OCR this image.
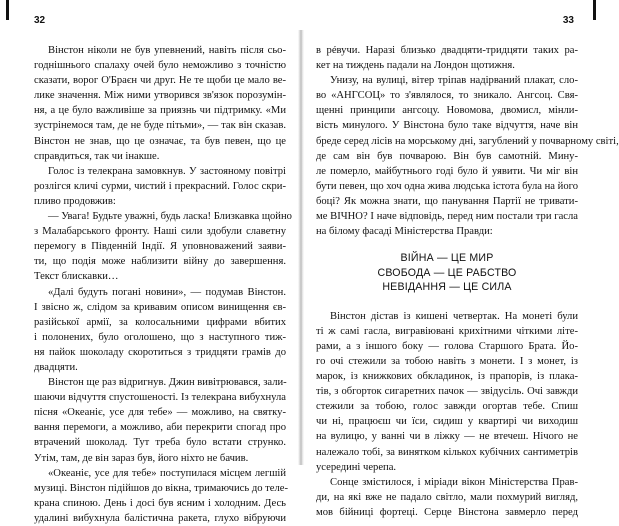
32
Вінстон ніколи не був упевнений, навіть після сьо-
годнішнього спалаху очей було неможливо з точністю
сказати, ворог О'Браєн чи друг. Не те щоби це мало ве-
лике значення. Між ними утворився зв'язок порозумін-
ня, а це було важливіше за приязнь чи підтримку. «Ми
зустрінемося там, де не буде пітьми», — так він сказав.
Вінстон не знав, що це означає, та був певен, що це
справдиться, так чи інакше.
Голос із телекрана замовкнув. У застояному повітрі
розлігся кличі сурми, чистий і прекрасний. Голос скри-
пливо продовжив:
— Увага! Будьте уважні, будь ласка! Близкавка щойно
з Малабарського фронту. Наші сили здобули славетну
перемогу в Південній Індії. Я уповноважений заяви-
ти, що подія може наблизити війну до завершення.
Текст блискавки…
«Далі будуть погані новини», — подумав Вінстон.
І звісно ж, слідом за кривавим описом винищення єв-
разійської армії, за колосальними цифрами вбитих
і полонених, було оголошено, що з наступного тиж-
ня пайок шоколаду скоротиться з тридцяти грамів до
двадцяти.
Вінстон ще раз відригнув. Джин вивітрювався, зали-
шаючи відчуття спустошеності. Із телекрана вибухнула
пісня «Океаніє, усе для тебе» — можливо, на святку-
вання перемоги, а можливо, аби перекрити спогад про
втрачений шоколад. Тут треба було встати струнко.
Утім, там, де він зараз був, його ніхто не бачив.
«Океаніє, усе для тебе» поступилася місцем легшій
музиці. Вінстон підійшов до вікна, тримаючись до теле-
крана спиною. День і досі був ясним і холодним. Десь
удалині вибухнула балістична ракета, глухо вібруючи
33
в рéвучи. Наразі близько двадцяти-тридцяти таких ра-
кет на тиждень падали на Лондон щотижня.
Унизу, на вулиці, вітер тріпав надірваний плакат, сло-
во «АНГСОЦ» то з'являлося, то зникало. Ангсоц. Свя-
щенні принципи ангсоцу. Новомова, двомисл, мінли-
вість минулого. У Вінстона було таке відчуття, наче він
бреде серед лісів на морському дні, загублений у почварному світі,
де сам він був почварою. Він був самотній. Мину-
ле померло, майбутнього годі було й уявити. Чи міг він
бути певен, що хоч одна жива людська істота була на його
боці? Як можна знати, що панування Партії не тривати-
ме ВІЧНО? І наче відповідь, перед ним постали три гасла
на білому фасаді Міністерства Правди:
ВІЙНА — ЦЕ МИР
СВОБОДА — ЦЕ РАБСТВО
НЕВІДАННЯ — ЦЕ СИЛА
Вінстон дістав із кишені четвертак. На монеті були
ті ж самі гасла, вигравіювані крихітними чіткими літе-
рами, а з іншого боку — голова Старшого Брата. Йо-
го очі стежили за тобою навіть з монети. І з монет, із
марок, із книжкових обкладинок, із прапорів, із плака-
тів, з обгорток сигаретних пачок — звідусіль. Очі завжди
стежили за тобою, голос завжди огортав тебе. Спиш
чи ні, працюєш чи їси, сидиш у квартирі чи виходиш
на вулицю, у ванні чи в ліжку — не втечеш. Нічого не
належало тобі, за винятком кількох кубічних сантиметрів
усередині черепа.
Сонце змістилося, і міріади вікон Міністерства Прав-
ди, на які вже не падало світло, мали похмурий вигляд,
мов бійниці фортеці. Серце Вінстона завмерло перед
